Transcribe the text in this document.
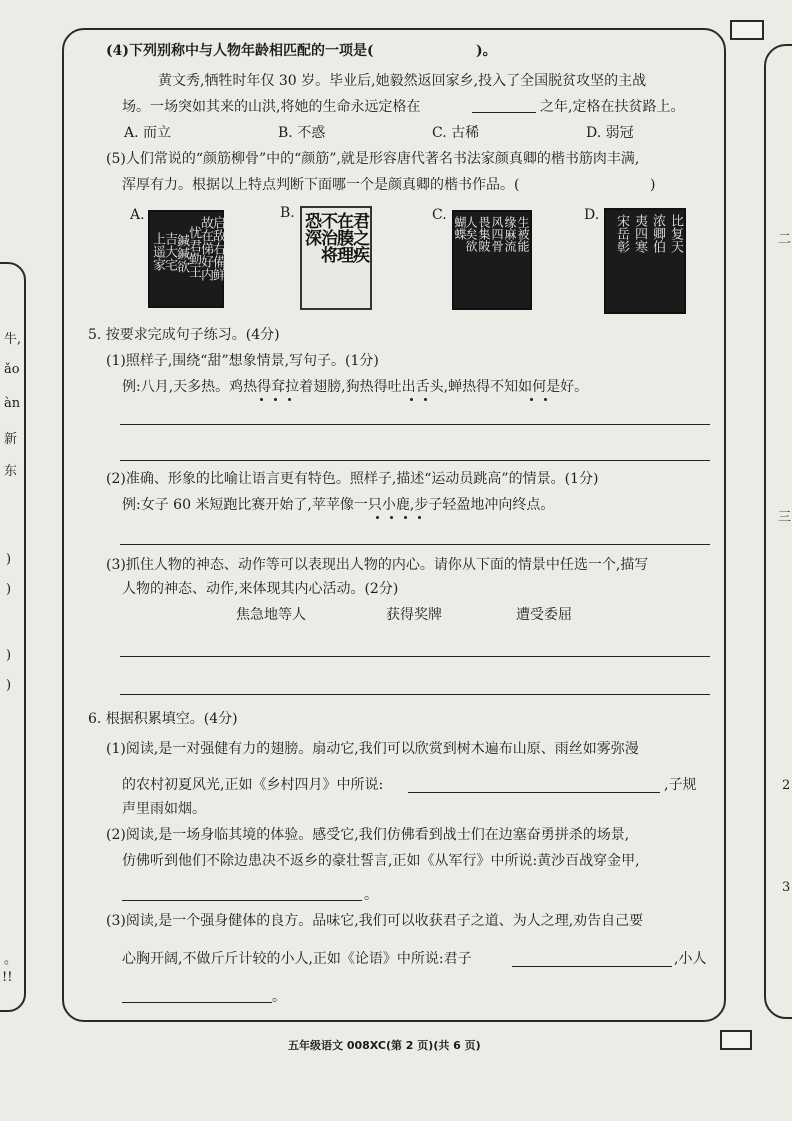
牛,
ǎo
àn
新
东
)
)
)
)
。
!!
二
三
2
3
(4)下列别称中与人物年龄相匹配的一项是(	)。
黄文秀,牺牲时年仅 30 岁。毕业后,她毅然返回家乡,投入了全国脱贫攻坚的主战
场。一场突如其来的山洪,将她的生命永远定格在	之年,定格在扶贫路上。
A. 而立	B. 不惑	C. 古稀	D. 弱冠
(5)人们常说的“颜筋柳骨”中的“颜筋”,就是形容唐代著名书法家颜真卿的楷书筋肉丰满,
浑厚有力。根据以上特点判断下面哪一个是颜真卿的楷书作品。(	)
A.	B.	C.	D.
启敌右備鲜
故在俤好内
忧君勤王
鍼鍼欲
吉大宅
上遥家	君之疾
在腠理
不治将
恐深	生被能
缘麻流
风四骨
畏集陂
人矣欲
蝴蝶	比复天
浓卿伯
夷四寒
宋岳彰
5. 按要求完成句子练习。(4分)
(1)照样子,围绕“甜”想象情景,写句子。(1分)
例:八月,天多热。鸡热得耷拉着翅膀,狗热得吐出舌头,蝉热得不知如何是好。
(2)准确、形象的比喻让语言更有特色。照样子,描述“运动员跳高”的情景。(1分)
例:女子 60 米短跑比赛开始了,苹苹像一只小鹿,步子轻盈地冲向终点。
(3)抓住人物的神态、动作等可以表现出人物的内心。请你从下面的情景中任选一个,描写
人物的神态、动作,来体现其内心活动。(2分)
焦急地等人	获得奖牌	遭受委屈
6. 根据积累填空。(4分)
(1)阅读,是一对强健有力的翅膀。扇动它,我们可以欣赏到树木遍布山原、雨丝如雾弥漫
的农村初夏风光,正如《乡村四月》中所说:	,子规
声里雨如烟。
(2)阅读,是一场身临其境的体验。感受它,我们仿佛看到战士们在边塞奋勇拼杀的场景,
仿佛听到他们不除边患决不返乡的豪壮誓言,正如《从军行》中所说:黄沙百战穿金甲,
。
(3)阅读,是一个强身健体的良方。品味它,我们可以收获君子之道、为人之理,劝告自己要
心胸开阔,不做斤斤计较的小人,正如《论语》中所说:君子	,小人
。
五年级语文 008XC(第 2 页)(共 6 页)
